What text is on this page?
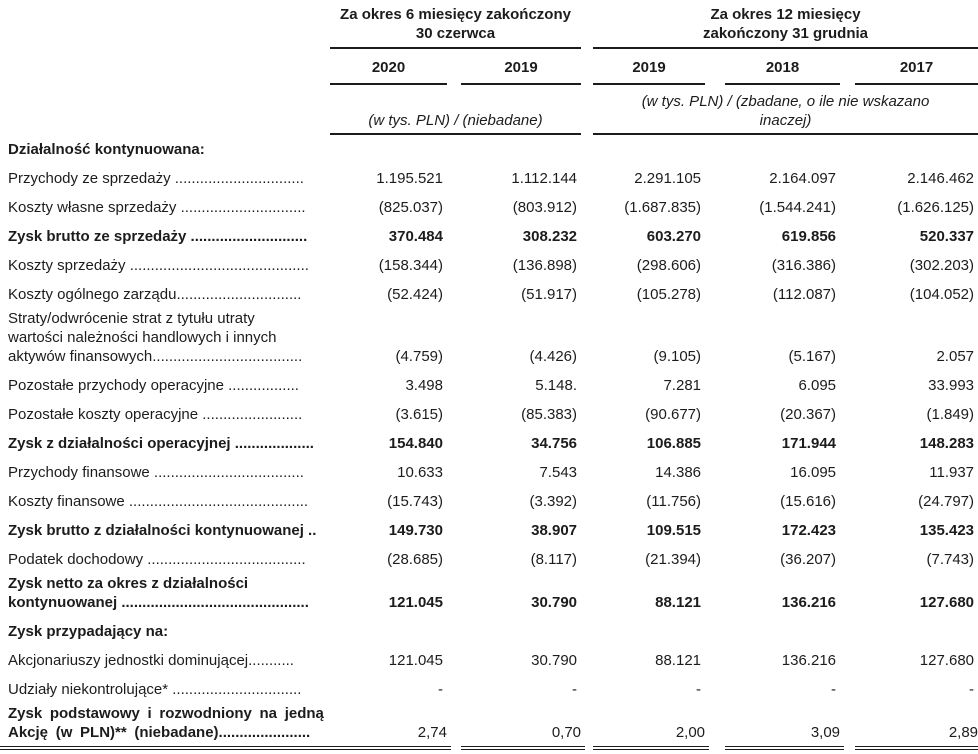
	Za okres 6 miesięcy zakończony
30 czerwca		Za okres 12 miesięcy
zakończony 31 grudnia		

	2020	2019	2019	2018	2017

	(w tys. PLN) / (niebadane)		(w tys. PLN) / (zbadane, o ile nie wskazano
inaczej)		

Działalność kontynuowana:					

Przychody ze sprzedaży ...............................	1.195.521	1.112.144	2.291.105	2.164.097	2.146.462

Koszty własne sprzedaży ..............................	(825.037)	(803.912)	(1.687.835)	(1.544.241)	(1.626.125)

Zysk brutto ze sprzedaży ............................	370.484	308.232	603.270	619.856	520.337

Koszty sprzedaży ...........................................	(158.344)	(136.898)	(298.606)	(316.386)	(302.203)

Koszty ogólnego zarządu..............................	(52.424)	(51.917)	(105.278)	(112.087)	(104.052)

Straty/odwrócenie strat z tytułu utraty
wartości należności handlowych i innych
aktywów finansowych....................................	(4.759)	(4.426)	(9.105)	(5.167)	2.057

Pozostałe przychody operacyjne .................	3.498	5.148.	7.281	6.095	33.993

Pozostałe koszty operacyjne ........................	(3.615)	(85.383)	(90.677)	(20.367)	(1.849)

Zysk z działalności operacyjnej ...................	154.840	34.756	106.885	171.944	148.283

Przychody finansowe ....................................	10.633	7.543	14.386	16.095	11.937

Koszty finansowe ...........................................	(15.743)	(3.392)	(11.756)	(15.616)	(24.797)

Zysk brutto z działalności kontynuowanej ..	149.730	38.907	109.515	172.423	135.423

Podatek dochodowy ......................................	(28.685)	(8.117)	(21.394)	(36.207)	(7.743)

Zysk netto za okres z działalności
kontynuowanej .............................................	121.045	30.790	88.121	136.216	127.680

Zysk przypadający na:					

Akcjonariuszy jednostki dominującej...........	121.045	30.790	88.121	136.216	127.680

Udziały niekontrolujące* ...............................	-	-	-	-	-

Zysk podstawowy i rozwodniony na jedną
Akcję (w PLN)** (niebadane)......................	2,74	0,70	2,00	3,09	2,89
